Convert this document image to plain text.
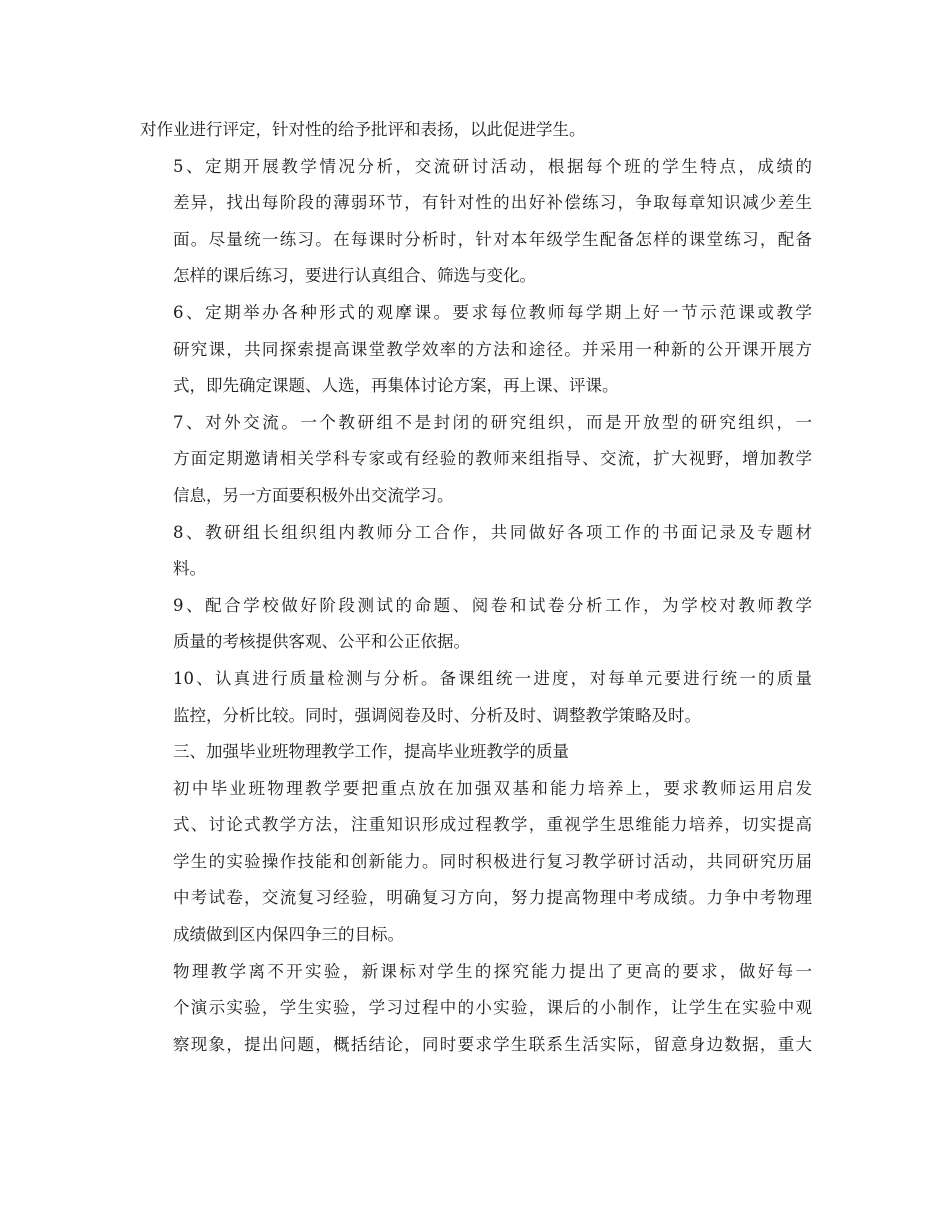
对作业进行评定，针对性的给予批评和表扬，以此促进学生。
5、定期开展教学情况分析，交流研讨活动，根据每个班的学生特点，成绩的
差异，找出每阶段的薄弱环节，有针对性的出好补偿练习，争取每章知识减少差生
面。尽量统一练习。在每课时分析时，针对本年级学生配备怎样的课堂练习，配备
怎样的课后练习，要进行认真组合、筛选与变化。
6、定期举办各种形式的观摩课。要求每位教师每学期上好一节示范课或教学
研究课，共同探索提高课堂教学效率的方法和途径。并采用一种新的公开课开展方
式，即先确定课题、人选，再集体讨论方案，再上课、评课。
7、对外交流。一个教研组不是封闭的研究组织，而是开放型的研究组织，一
方面定期邀请相关学科专家或有经验的教师来组指导、交流，扩大视野，增加教学
信息，另一方面要积极外出交流学习。
8、教研组长组织组内教师分工合作，共同做好各项工作的书面记录及专题材
料。
9、配合学校做好阶段测试的命题、阅卷和试卷分析工作，为学校对教师教学
质量的考核提供客观、公平和公正依据。
10、认真进行质量检测与分析。备课组统一进度，对每单元要进行统一的质量
监控，分析比较。同时，强调阅卷及时、分析及时、调整教学策略及时。
三、加强毕业班物理教学工作，提高毕业班教学的质量
初中毕业班物理教学要把重点放在加强双基和能力培养上，要求教师运用启发
式、讨论式教学方法，注重知识形成过程教学，重视学生思维能力培养，切实提高
学生的实验操作技能和创新能力。同时积极进行复习教学研讨活动，共同研究历届
中考试卷，交流复习经验，明确复习方向，努力提高物理中考成绩。力争中考物理
成绩做到区内保四争三的目标。
物理教学离不开实验，新课标对学生的探究能力提出了更高的要求，做好每一
个演示实验，学生实验，学习过程中的小实验，课后的小制作，让学生在实验中观
察现象，提出问题，概括结论，同时要求学生联系生活实际，留意身边数据，重大
